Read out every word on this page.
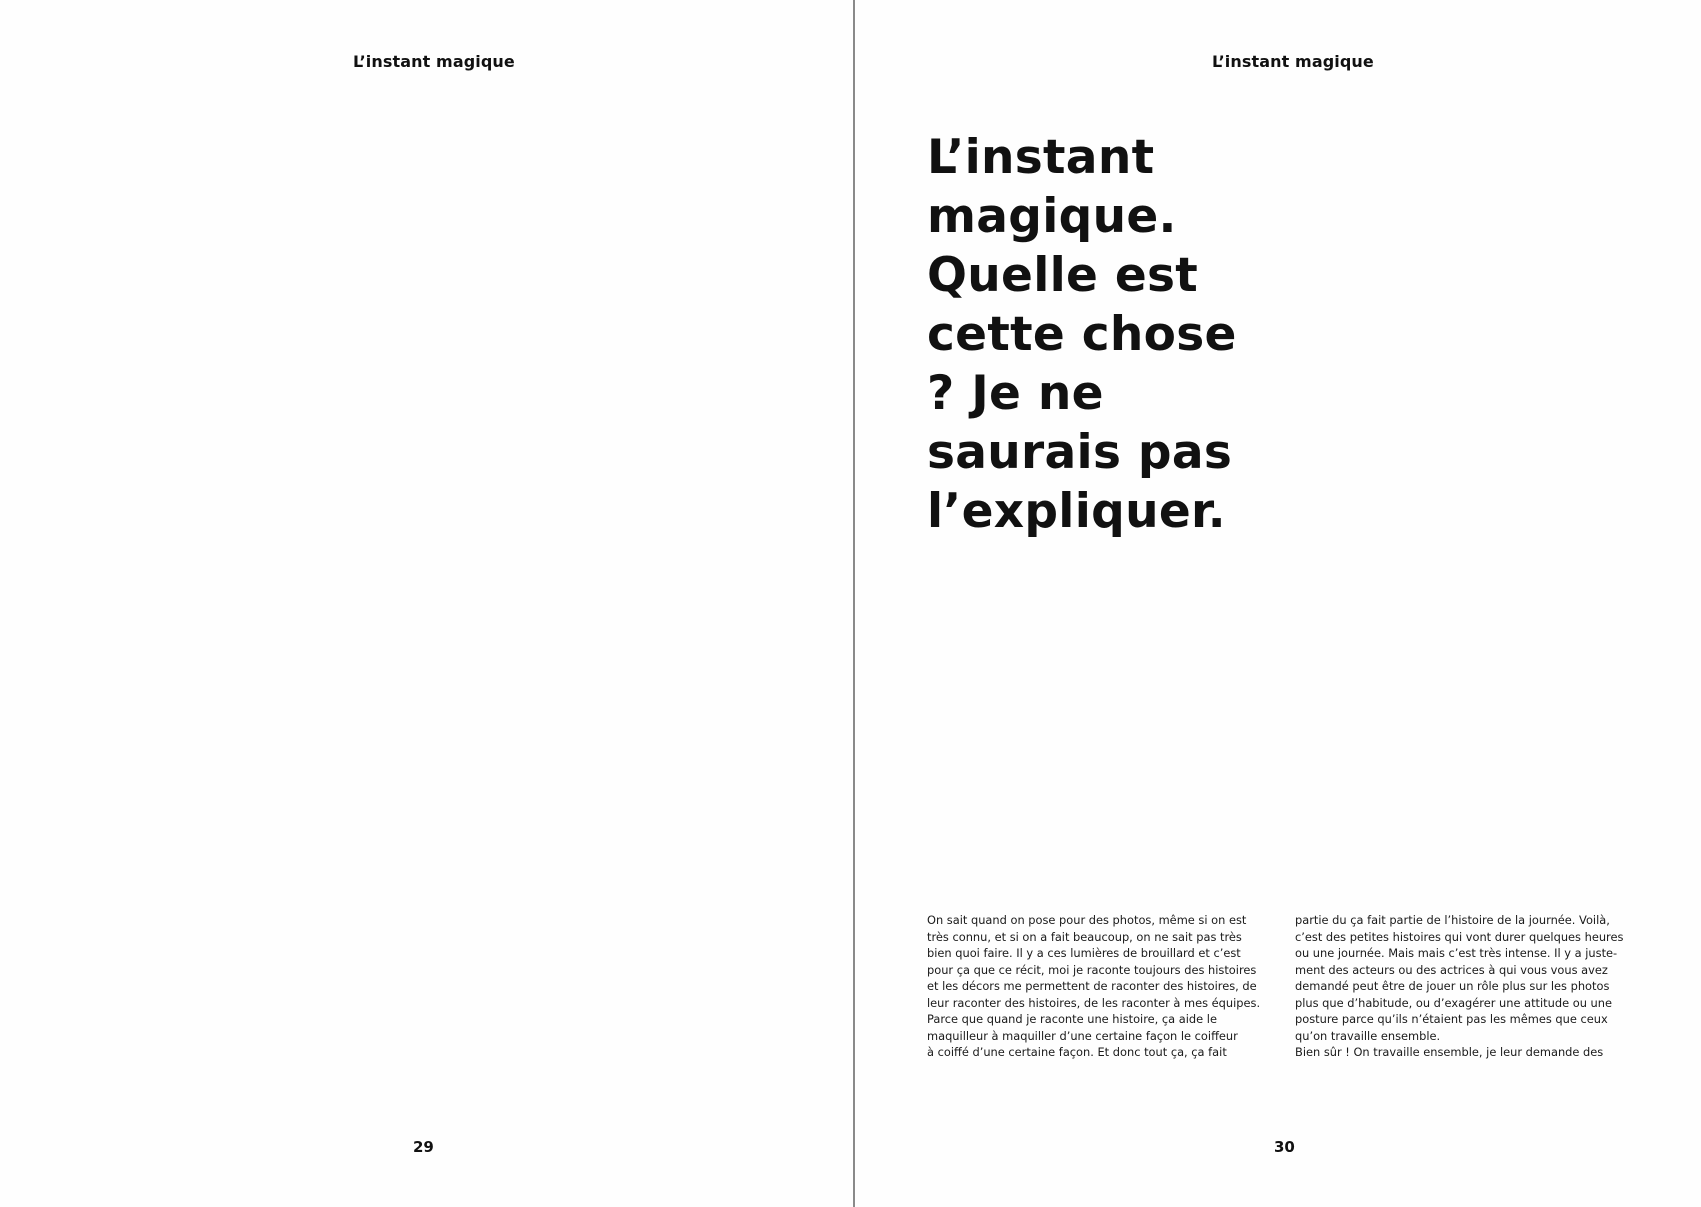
L’instant magique
29
L’instant magique
L’instant
magique.
Quelle est
cette chose
? Je ne
saurais pas
l’expliquer.

On sait quand on pose pour des photos, même si on est
très connu, et si on a fait beaucoup, on ne sait pas très
bien quoi faire. Il y a ces lumières de brouillard et c’est
pour ça que ce récit, moi je raconte toujours des histoires
et les décors me permettent de raconter des histoires, de
leur raconter des histoires, de les raconter à mes équipes.
Parce que quand je raconte une histoire, ça aide le
maquilleur à maquiller d’une certaine façon le coiffeur
à coiffé d’une certaine façon. Et donc tout ça, ça fait

partie du ça fait partie de l’histoire de la journée. Voilà,
c’est des petites histoires qui vont durer quelques heures
ou une journée. Mais mais c’est très intense. Il y a juste-
ment des acteurs ou des actrices à qui vous vous avez
demandé peut être de jouer un rôle plus sur les photos
plus que d’habitude, ou d’exagérer une attitude ou une
posture parce qu’ils n’étaient pas les mêmes que ceux
qu’on travaille ensemble.
Bien sûr ! On travaille ensemble, je leur demande des

30
